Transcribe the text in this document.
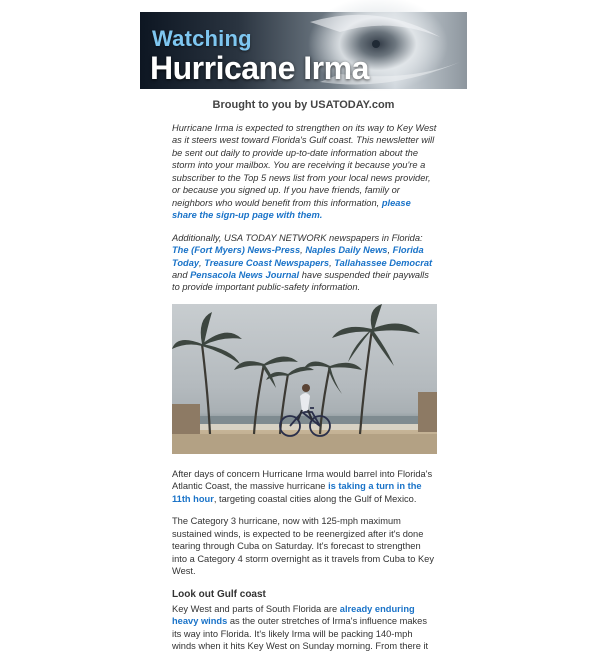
Watching
Hurricane Irma
Brought to you by USATODAY.com

Hurricane Irma is expected to strengthen on its way to Key West as it steers west toward Florida's Gulf coast. This newsletter will be sent out daily to provide up-to-date information about the storm into your mailbox. You are receiving it because you're a subscriber to the Top 5 news list from your local news provider, or because you signed up. If you have friends, family or neighbors who would benefit from this information, please share the sign-up page with them.

Additionally, USA TODAY NETWORK newspapers in Florida: The (Fort Myers) News-Press, Naples Daily News, Florida Today, Treasure Coast Newspapers, Tallahassee Democrat and Pensacola News Journal have suspended their paywalls to provide important public-safety information.

After days of concern Hurricane Irma would barrel into Florida's Atlantic Coast, the massive hurricane is taking a turn in the 11th hour, targeting coastal cities along the Gulf of Mexico.

The Category 3 hurricane, now with 125-mph maximum sustained winds, is expected to be reenergized after it's done tearing through Cuba on Saturday. It's forecast to strengthen into a Category 4 storm overnight as it travels from Cuba to Key West.

Look out Gulf coast

Key West and parts of South Florida are already enduring heavy winds as the outer stretches of Irma's influence makes its way into Florida. It's likely Irma will be packing 140-mph winds when it hits Key West on Sunday morning. From there it
